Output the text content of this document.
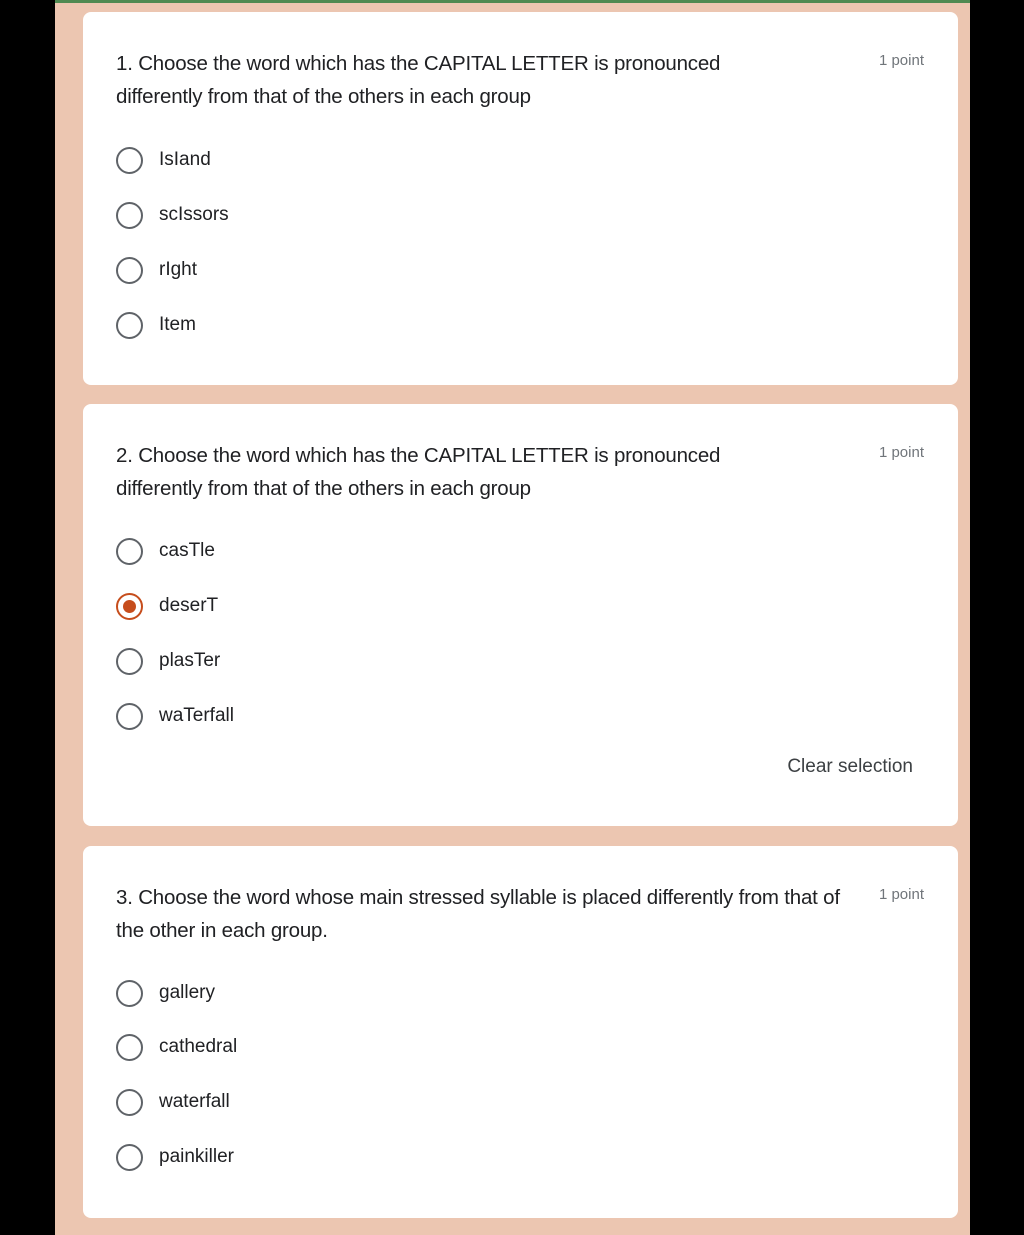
1. Choose the word which has the CAPITAL LETTER is pronounced differently from that of the others in each group
1 point
IsIand
scIssors
rIght
Item
2. Choose the word which has the CAPITAL LETTER is pronounced differently from that of the others in each group
1 point
casTle
deserT
plasTer
waTerfall
Clear selection
3. Choose the word whose main stressed syllable is placed differently from that of the other in each group.
1 point
gallery
cathedral
waterfall
painkiller
